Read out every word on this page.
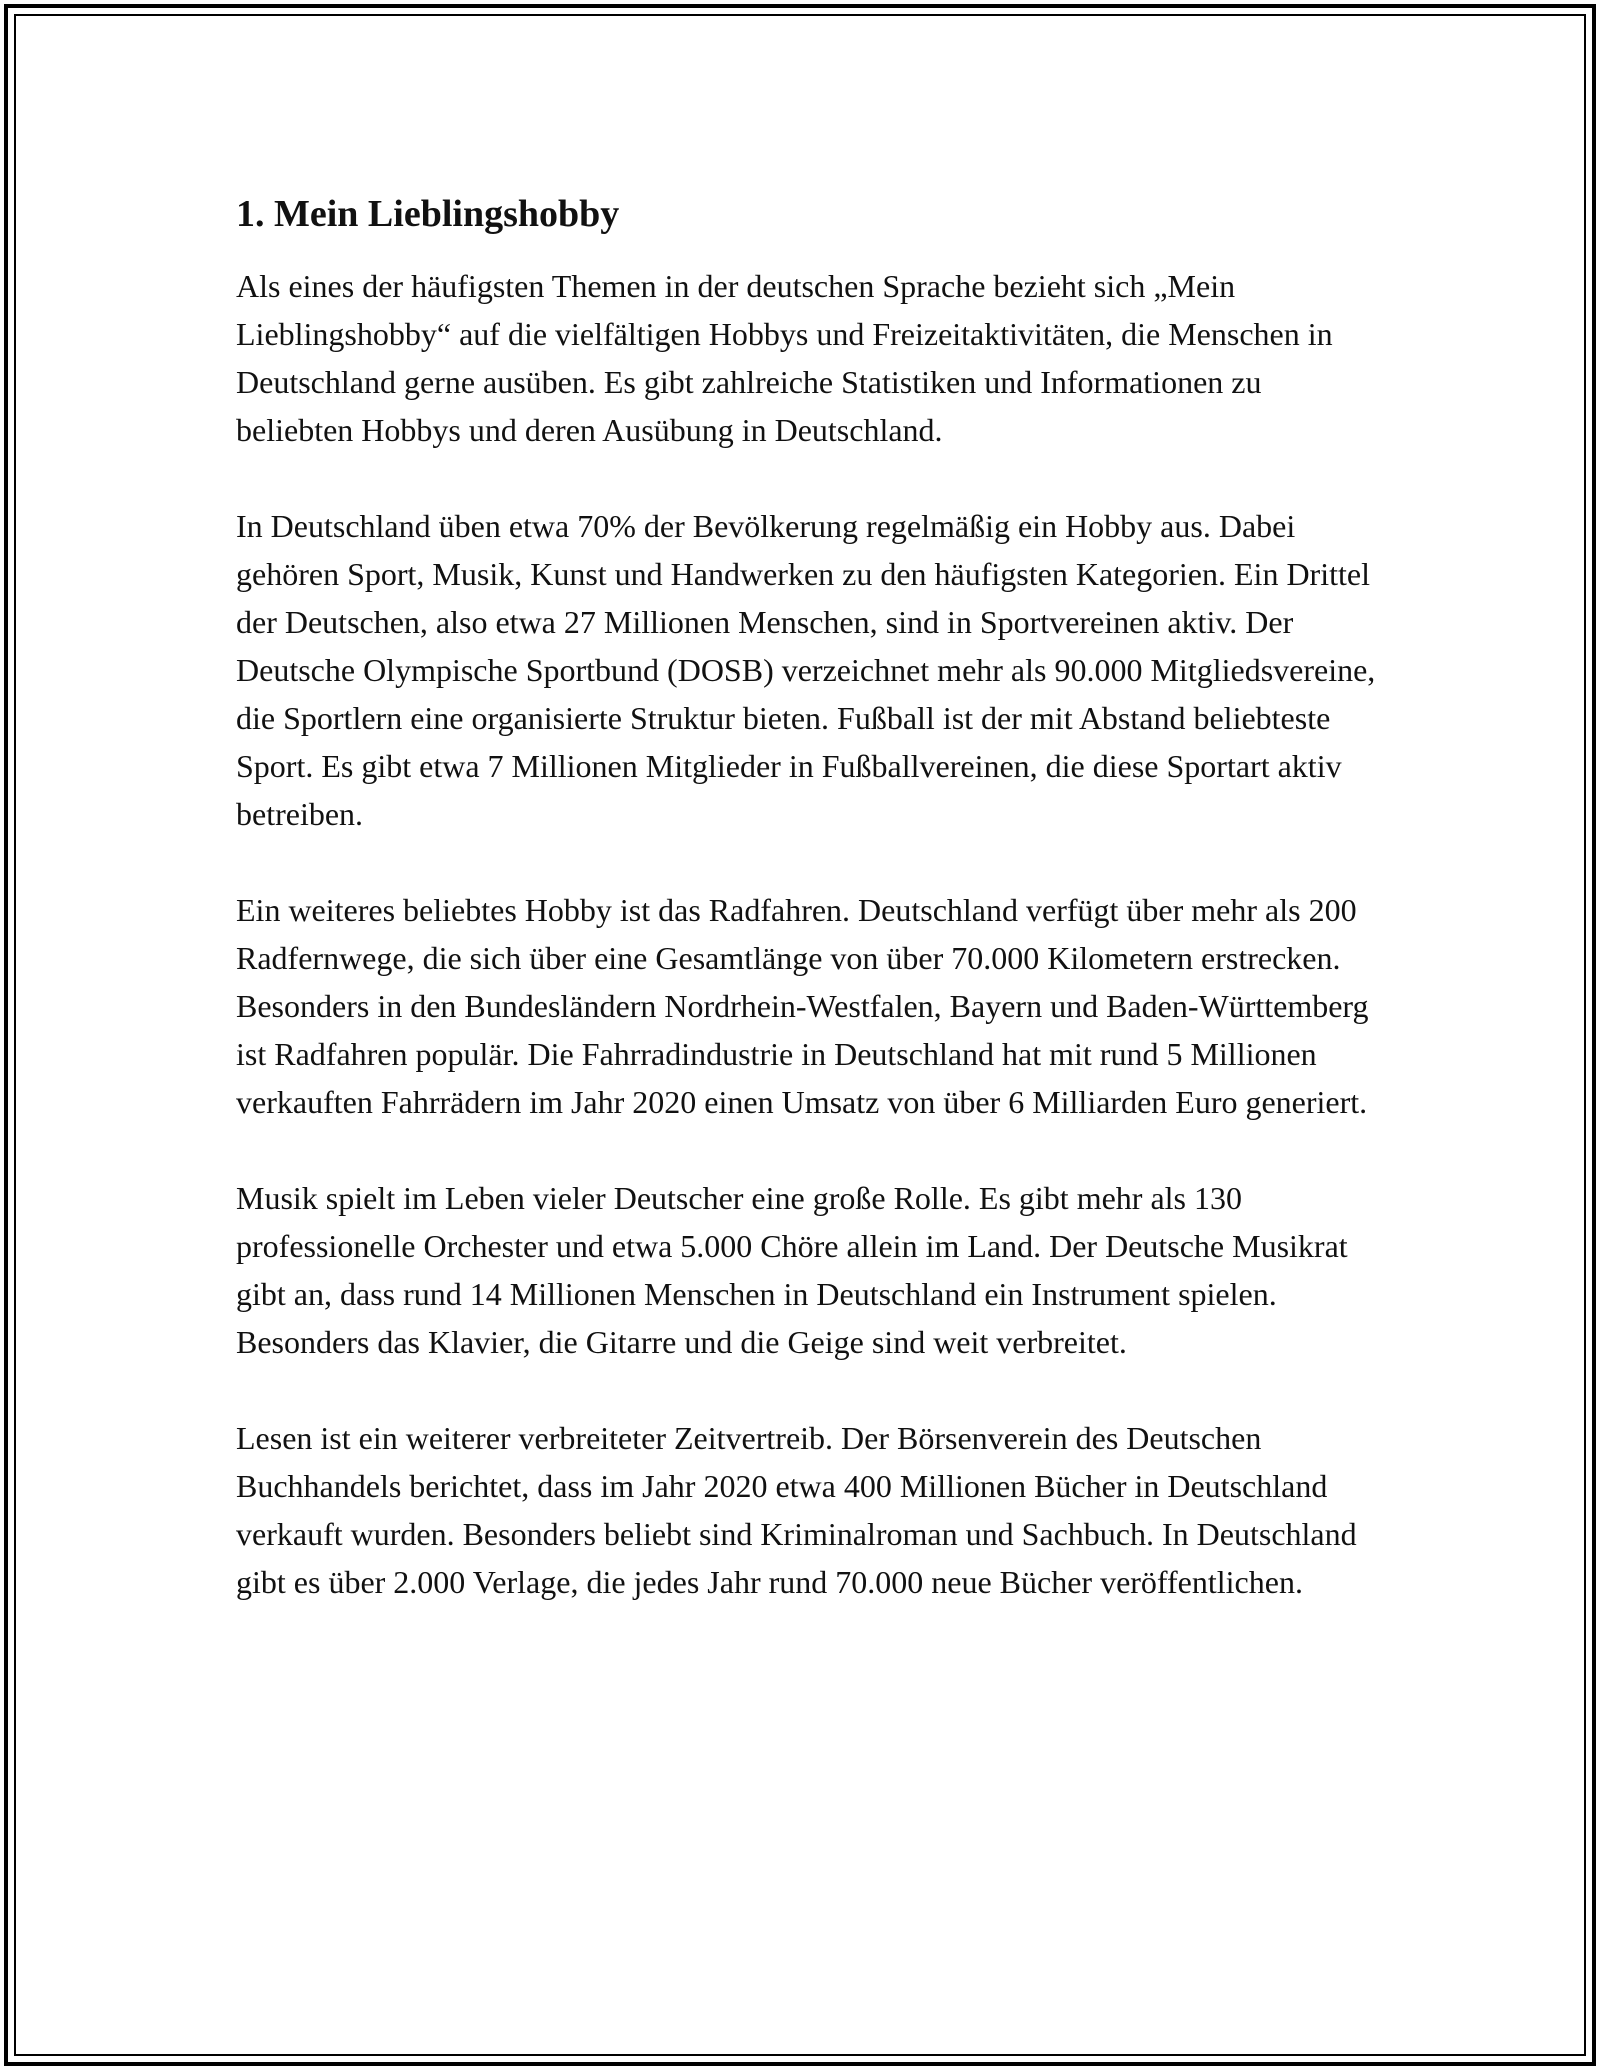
1. Mein Lieblingshobby

Als eines der häufigsten Themen in der deutschen Sprache bezieht sich „Mein Lieblingshobby“ auf die vielfältigen Hobbys und Freizeitaktivitäten, die Menschen in Deutschland gerne ausüben. Es gibt zahlreiche Statistiken und Informationen zu beliebten Hobbys und deren Ausübung in Deutschland.

In Deutschland üben etwa 70% der Bevölkerung regelmäßig ein Hobby aus. Dabei gehören Sport, Musik, Kunst und Handwerken zu den häufigsten Kategorien. Ein Drittel der Deutschen, also etwa 27 Millionen Menschen, sind in Sportvereinen aktiv. Der Deutsche Olympische Sportbund (DOSB) verzeichnet mehr als 90.000 Mitgliedsvereine, die Sportlern eine organisierte Struktur bieten. Fußball ist der mit Abstand beliebteste Sport. Es gibt etwa 7 Millionen Mitglieder in Fußballvereinen, die diese Sportart aktiv betreiben.

Ein weiteres beliebtes Hobby ist das Radfahren. Deutschland verfügt über mehr als 200 Radfernwege, die sich über eine Gesamtlänge von über 70.000 Kilometern erstrecken. Besonders in den Bundesländern Nordrhein-Westfalen, Bayern und Baden-Württemberg ist Radfahren populär. Die Fahrradindustrie in Deutschland hat mit rund 5 Millionen verkauften Fahrrädern im Jahr 2020 einen Umsatz von über 6 Milliarden Euro generiert.

Musik spielt im Leben vieler Deutscher eine große Rolle. Es gibt mehr als 130 professionelle Orchester und etwa 5.000 Chöre allein im Land. Der Deutsche Musikrat gibt an, dass rund 14 Millionen Menschen in Deutschland ein Instrument spielen. Besonders das Klavier, die Gitarre und die Geige sind weit verbreitet.

Lesen ist ein weiterer verbreiteter Zeitvertreib. Der Börsenverein des Deutschen Buchhandels berichtet, dass im Jahr 2020 etwa 400 Millionen Bücher in Deutschland verkauft wurden. Besonders beliebt sind Kriminalroman und Sachbuch. In Deutschland gibt es über 2.000 Verlage, die jedes Jahr rund 70.000 neue Bücher veröffentlichen.
